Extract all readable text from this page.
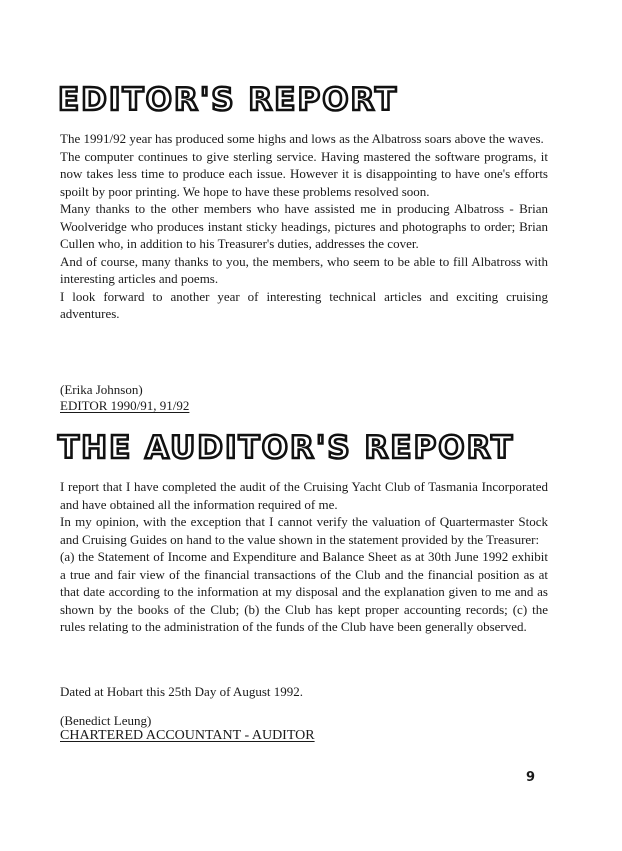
EDITOR'S REPORT
The 1991/92 year has produced some highs and lows as the Albatross soars above the waves.
The computer continues to give sterling service. Having mastered the software programs, it now takes less time to produce each issue. However it is disappointing to have one's efforts spoilt by poor printing. We hope to have these problems resolved soon.
Many thanks to the other members who have assisted me in producing Albatross - Brian Woolveridge who produces instant sticky headings, pictures and photographs to order; Brian Cullen who, in addition to his Treasurer's duties, addresses the cover.
And of course, many thanks to you, the members, who seem to be able to fill Albatross with interesting articles and poems.
I look forward to another year of interesting technical articles and exciting cruising adventures.

(Erika Johnson)

EDITOR 1990/91, 91/92

THE AUDITOR'S REPORT
I report that I have completed the audit of the Cruising Yacht Club of Tasmania Incorporated and have obtained all the information required of me.
In my opinion, with the exception that I cannot verify the valuation of Quartermaster Stock and Cruising Guides on hand to the value shown in the statement provided by the Treasurer:
(a) the Statement of Income and Expenditure and Balance Sheet as at 30th June 1992 exhibit a true and fair view of the financial transactions of the Club and the financial position as at that date according to the information at my disposal and the explanation given to me and as shown by the books of the Club; (b) the Club has kept proper accounting records; (c) the rules relating to the administration of the funds of the Club have been generally observed.

Dated at Hobart this 25th Day of August 1992.

(Benedict Leung)

CHARTERED ACCOUNTANT - AUDITOR

9
